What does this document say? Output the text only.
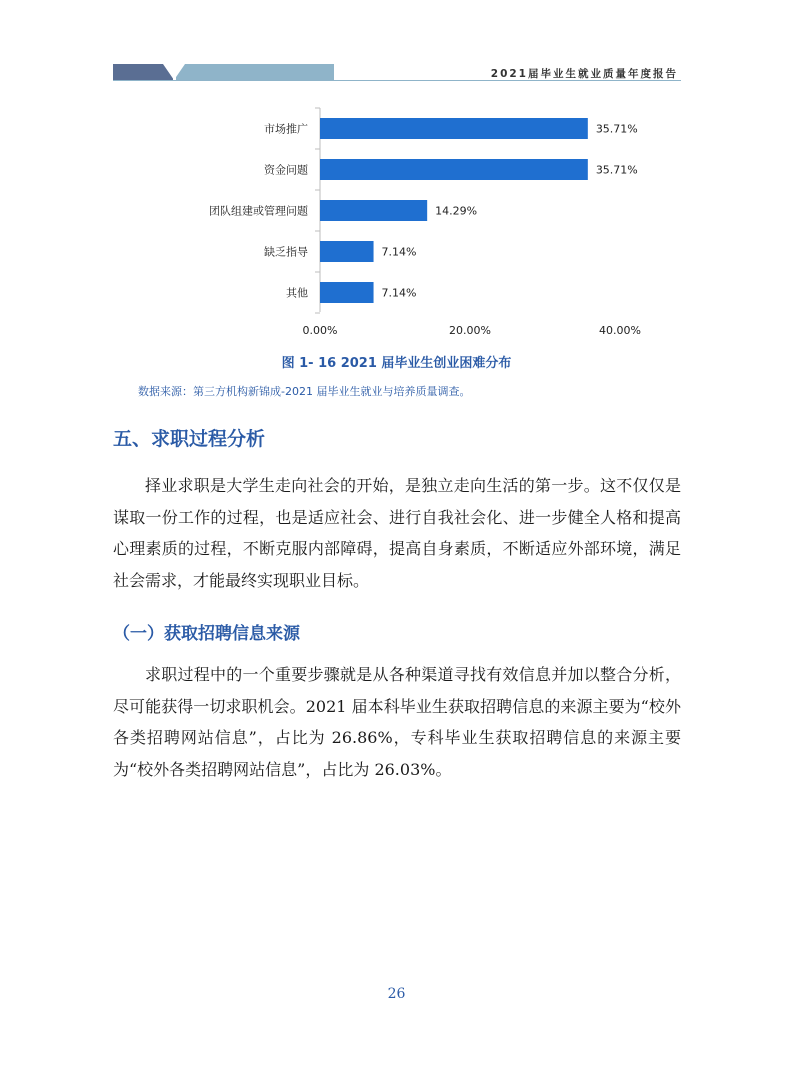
2021届毕业生就业质量年度报告
市场推广	35.71%
资金问题	35.71%
团队组建或管理问题	14.29%
缺乏指导	7.14%
其他	7.14%
0.00%	20.00%	40.00%
图 1- 16 2021 届毕业生创业困难分布
数据来源：第三方机构新锦成-2021 届毕业生就业与培养质量调查。
五、求职过程分析
择业求职是大学生走向社会的开始，是独立走向生活的第一步。这不仅仅是谋取一份工作的过程，也是适应社会、进行自我社会化、进一步健全人格和提高心理素质的过程，不断克服内部障碍，提高自身素质，不断适应外部环境，满足社会需求，才能最终实现职业目标。
（一）获取招聘信息来源
求职过程中的一个重要步骤就是从各种渠道寻找有效信息并加以整合分析，尽可能获得一切求职机会。2021 届本科毕业生获取招聘信息的来源主要为“校外各类招聘网站信息”，占比为 26.86%，专科毕业生获取招聘信息的来源主要为“校外各类招聘网站信息”，占比为 26.03%。
26
